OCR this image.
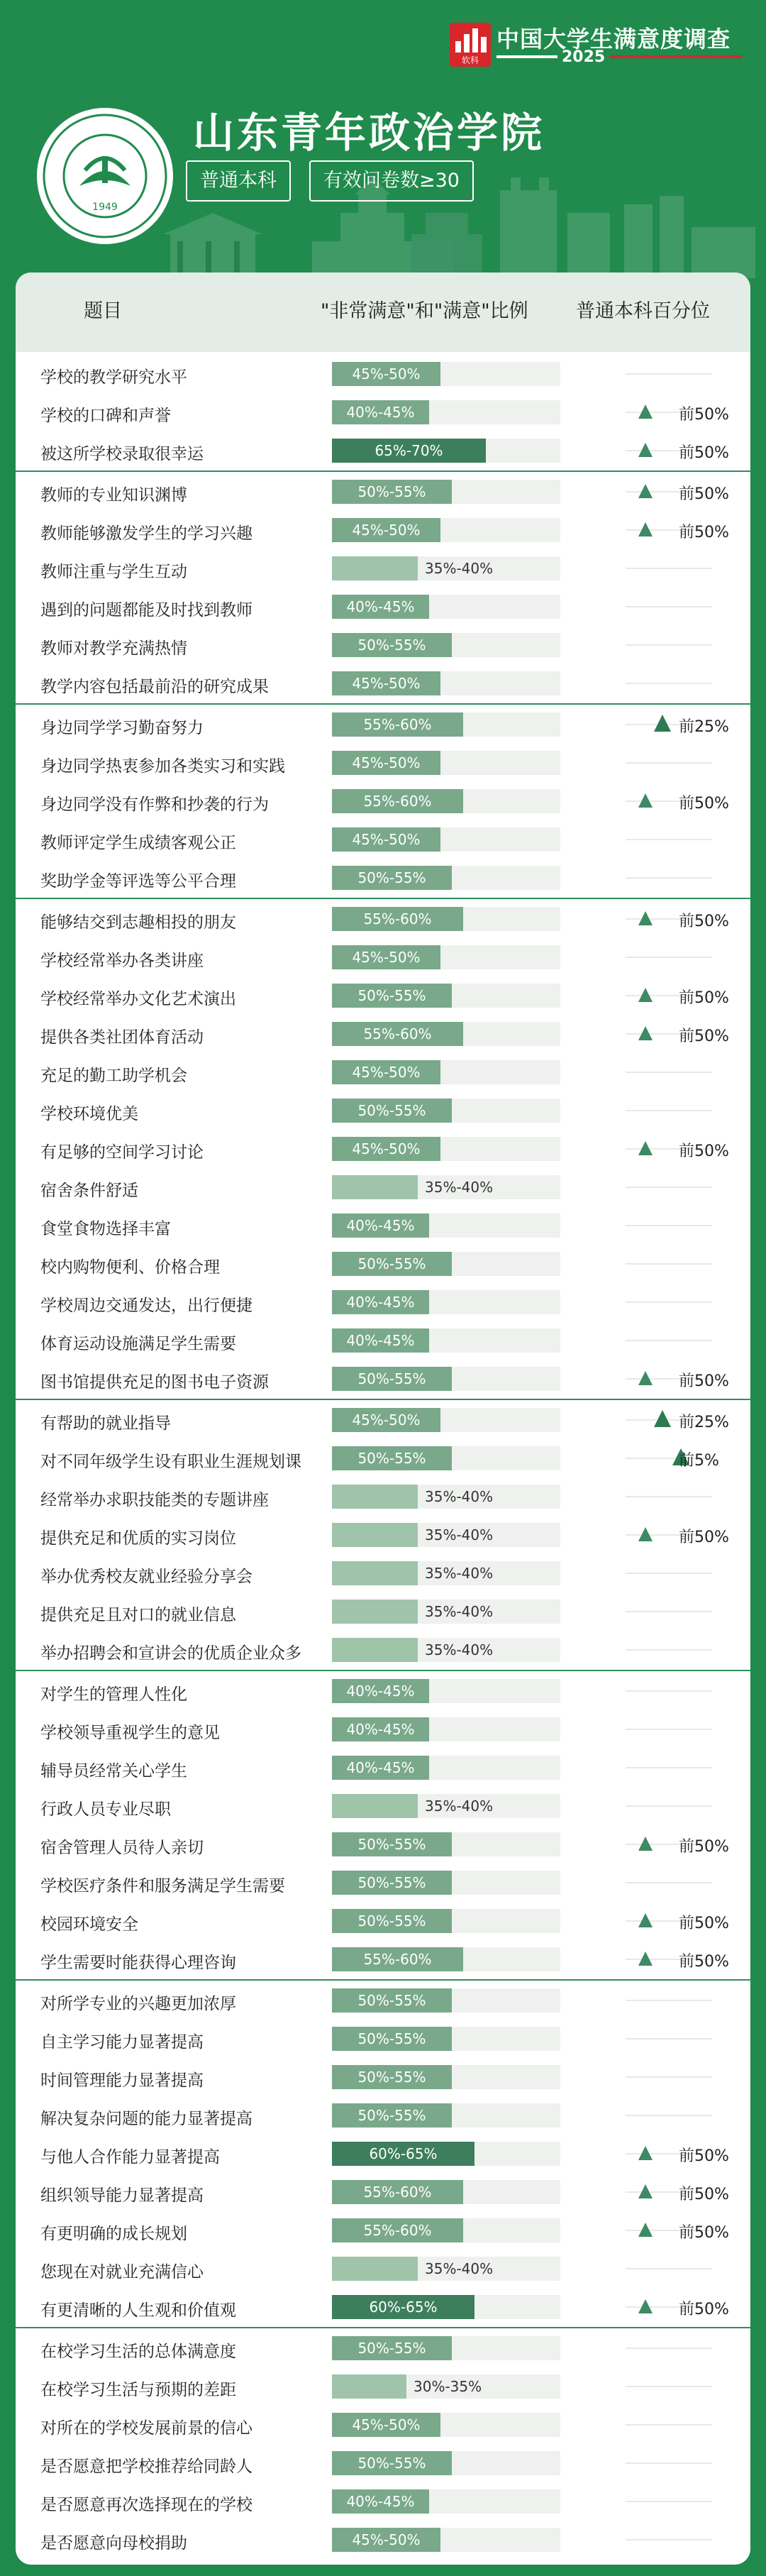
软科
中国大学生满意度调查
2025
1949
山东青年政治学院
普通本科	有效问卷数≥30
题目	"非常满意"和"满意"比例 普通本科百分位
学校的教学研究水平	45%-50%
学校的口碑和声誉	40%-45%	前50%
被这所学校录取很幸运	65%-70%	前50%
教师的专业知识渊博	50%-55%	前50%
教师能够激发学生的学习兴趣	45%-50%	前50%
教师注重与学生互动	35%-40%
遇到的问题都能及时找到教师	40%-45%
教师对教学充满热情	50%-55%
教学内容包括最前沿的研究成果	45%-50%
身边同学学习勤奋努力	55%-60%	前25%
身边同学热衷参加各类实习和实践	45%-50%
身边同学没有作弊和抄袭的行为	55%-60%	前50%
教师评定学生成绩客观公正	45%-50%
奖助学金等评选等公平合理	50%-55%
能够结交到志趣相投的朋友	55%-60%	前50%
学校经常举办各类讲座	45%-50%
学校经常举办文化艺术演出	50%-55%	前50%
提供各类社团体育活动	55%-60%	前50%
充足的勤工助学机会	45%-50%
学校环境优美	50%-55%
有足够的空间学习讨论	45%-50%	前50%
宿舍条件舒适	35%-40%
食堂食物选择丰富	40%-45%
校内购物便利、价格合理	50%-55%
学校周边交通发达，出行便捷	40%-45%
体育运动设施满足学生需要	40%-45%
图书馆提供充足的图书电子资源	50%-55%	前50%
有帮助的就业指导	45%-50%	前25%
对不同年级学生设有职业生涯规划课	50%-55%	前5%
经常举办求职技能类的专题讲座	35%-40%
提供充足和优质的实习岗位	35%-40%	前50%
举办优秀校友就业经验分享会	35%-40%
提供充足且对口的就业信息	35%-40%
举办招聘会和宣讲会的优质企业众多	35%-40%
对学生的管理人性化	40%-45%
学校领导重视学生的意见	40%-45%
辅导员经常关心学生	40%-45%
行政人员专业尽职	35%-40%
宿舍管理人员待人亲切	50%-55%	前50%
学校医疗条件和服务满足学生需要	50%-55%
校园环境安全	50%-55%	前50%
学生需要时能获得心理咨询	55%-60%	前50%
对所学专业的兴趣更加浓厚	50%-55%
自主学习能力显著提高	50%-55%
时间管理能力显著提高	50%-55%
解决复杂问题的能力显著提高	50%-55%
与他人合作能力显著提高	60%-65%	前50%
组织领导能力显著提高	55%-60%	前50%
有更明确的成长规划	55%-60%	前50%
您现在对就业充满信心	35%-40%
有更清晰的人生观和价值观	60%-65%	前50%
在校学习生活的总体满意度	50%-55%
在校学习生活与预期的差距	30%-35%
对所在的学校发展前景的信心	45%-50%
是否愿意把学校推荐给同龄人	50%-55%
是否愿意再次选择现在的学校	40%-45%
是否愿意向母校捐助	45%-50%
